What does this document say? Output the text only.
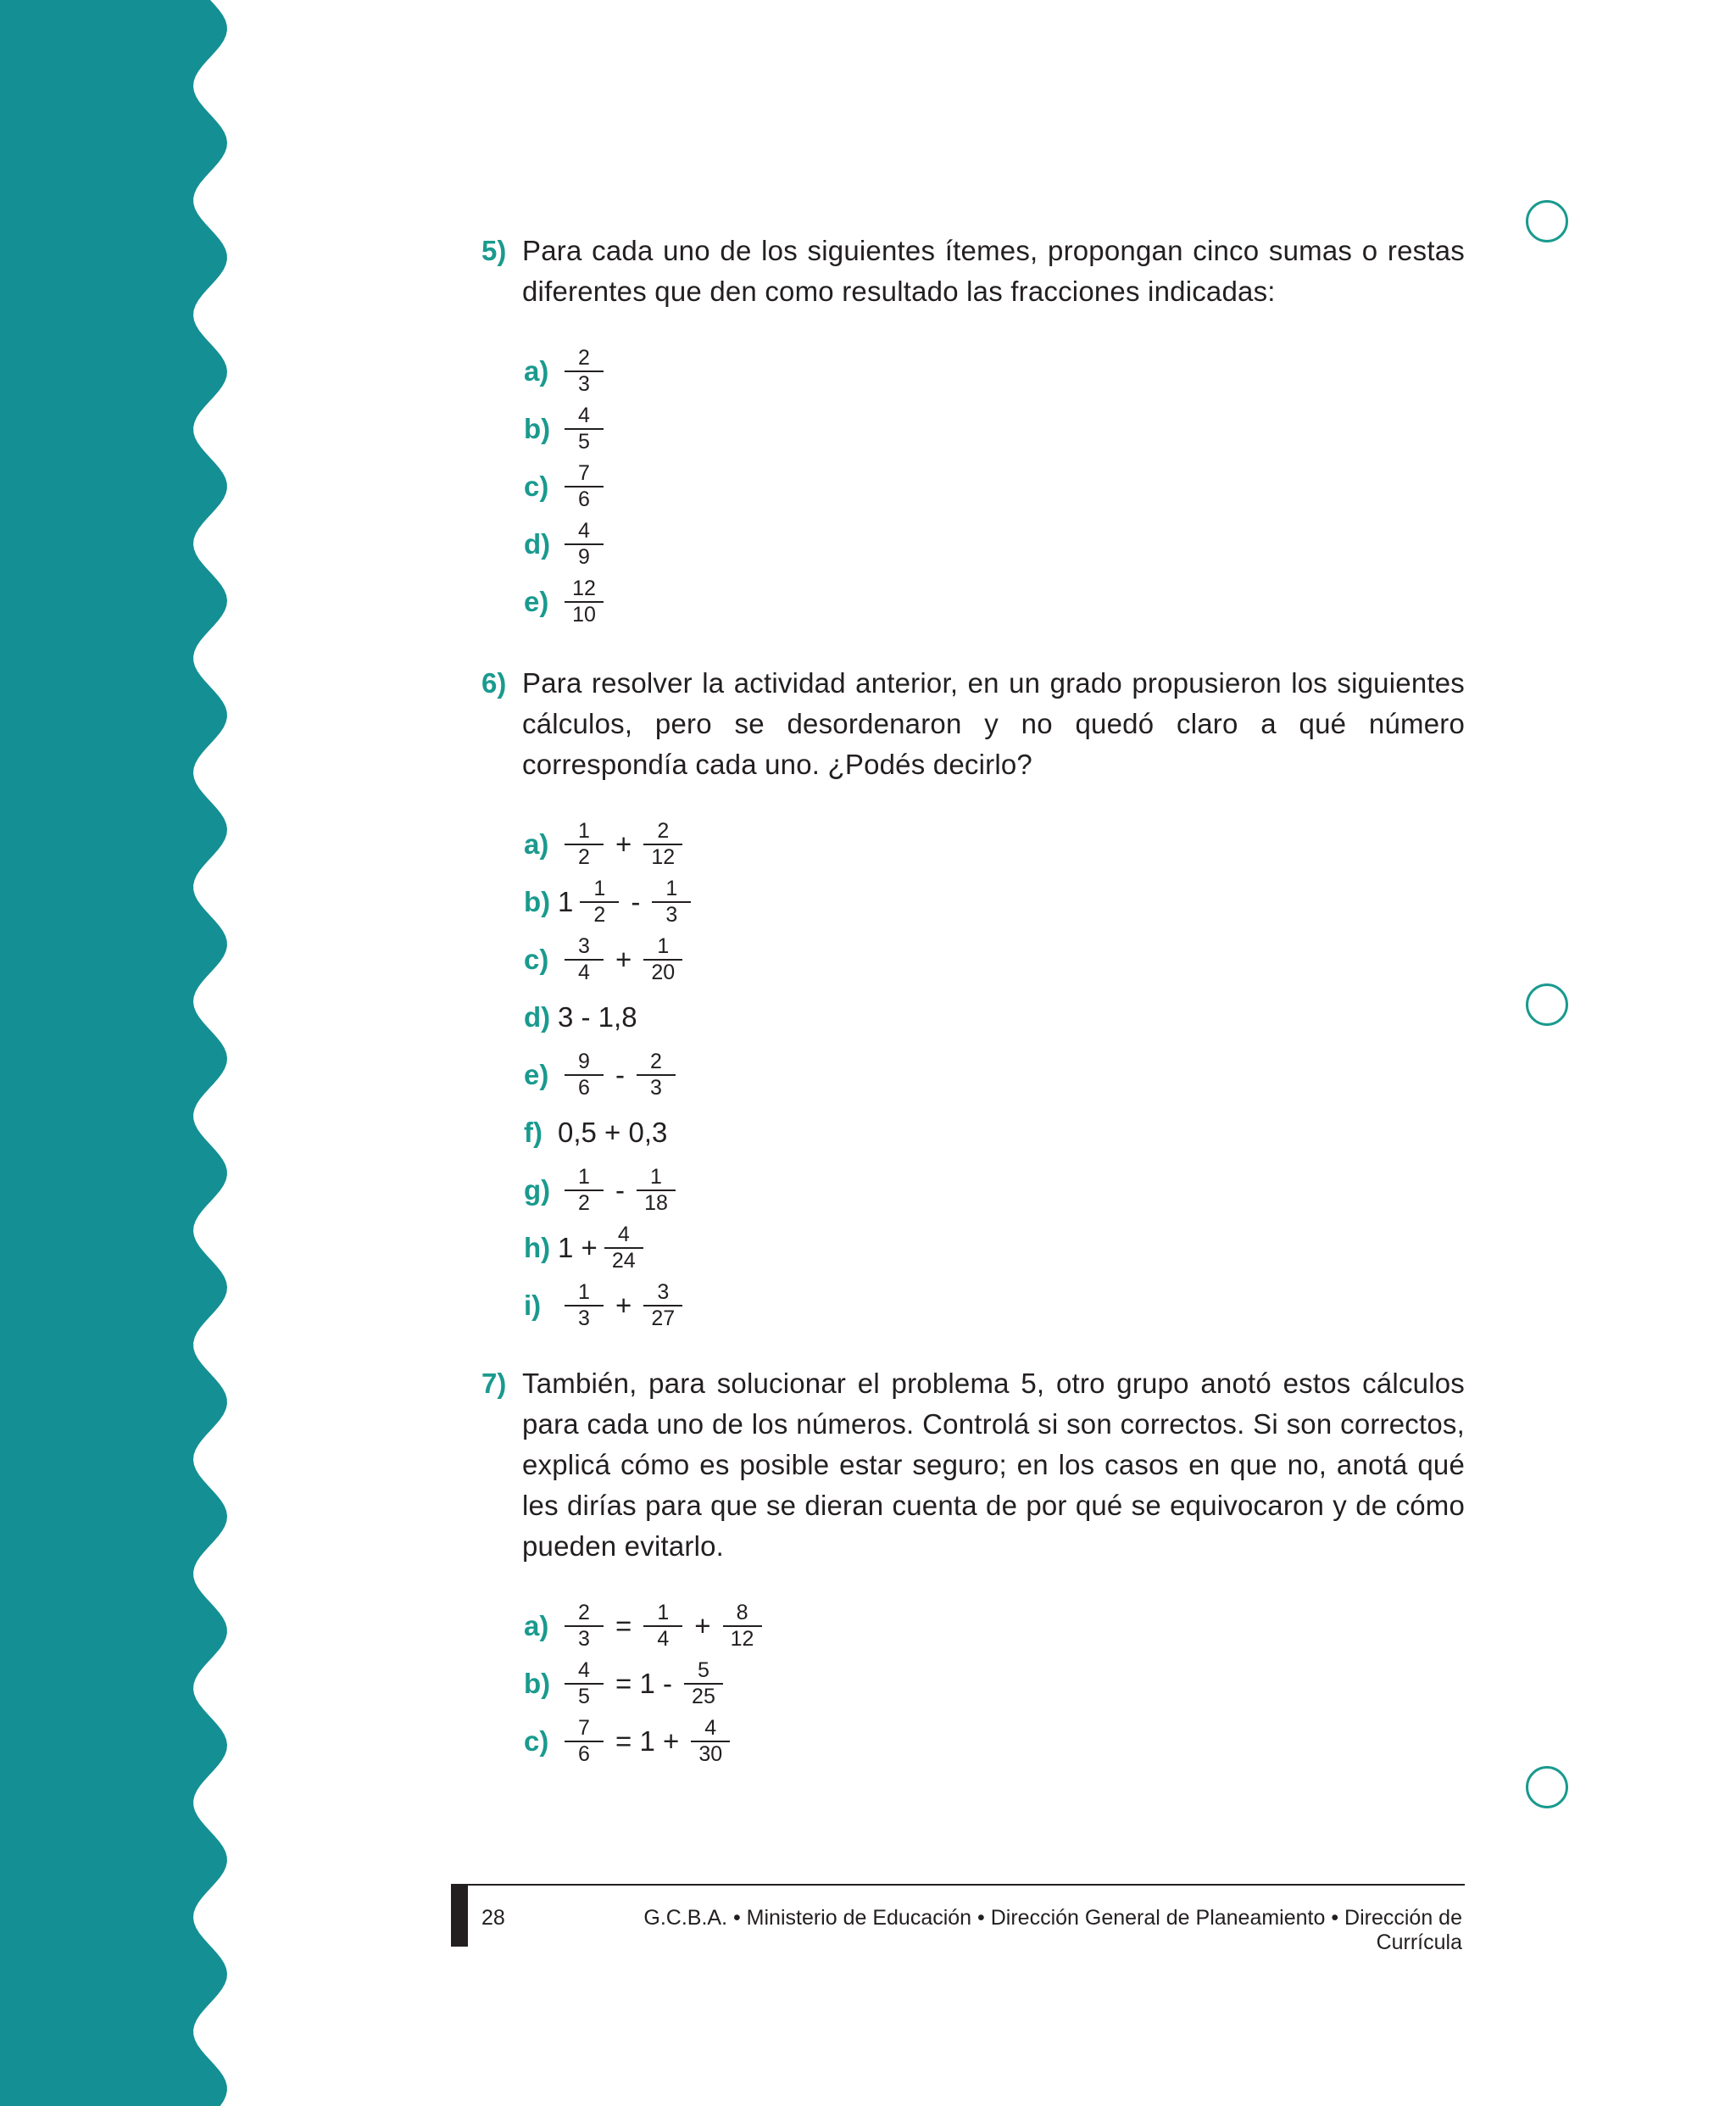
5) Para cada uno de los siguientes ítemes, propongan cinco sumas o restas diferentes que den como resultado las fracciones indicadas:
$a) \frac{2}{3}$
$b) \frac{4}{5}$
$c) \frac{7}{6}$
$d) \frac{4}{9}$
$e) \frac{12}{10}$
6) Para resolver la actividad anterior, en un grado propusieron los siguientes cálculos, pero se desordenaron y no quedó claro a qué número correspondía cada uno. ¿Podés decirlo?
$a) \frac{1}{2} + \frac{2}{12}$
b) $1 \frac{1}{2} - \frac{1}{3}$
$c) \frac{3}{4} + \frac{1}{20}$
d) 3 - 1,8
$e) \frac{9}{6} - \frac{2}{3}$
f) 0,5 + 0,3
$g) \frac{1}{2} - \frac{1}{18}$
h) $1 + \frac{4}{24}$
i)	$\frac{1}{3} + \frac{3}{27}$
7) También, para solucionar el problema 5, otro grupo anotó estos cálculos para cada uno de los números. Controlá si son correctos. Si son correctos, explicá cómo es posible estar seguro; en los casos en que no, anotá qué les dirías para que se dieran cuenta de por qué se equivocaron y de cómo pueden evitarlo.
$a) \frac{2}{3} = \frac{1}{4} + \frac{8}{12}$
$b) \frac{4}{5} = 1 - \frac{5}{25}$
$c) \frac{7}{6} = 1 + \frac{4}{30}$
28	G.C.B.A. • Ministerio de Educación • Dirección General de Planeamiento • Dirección de Currícula
